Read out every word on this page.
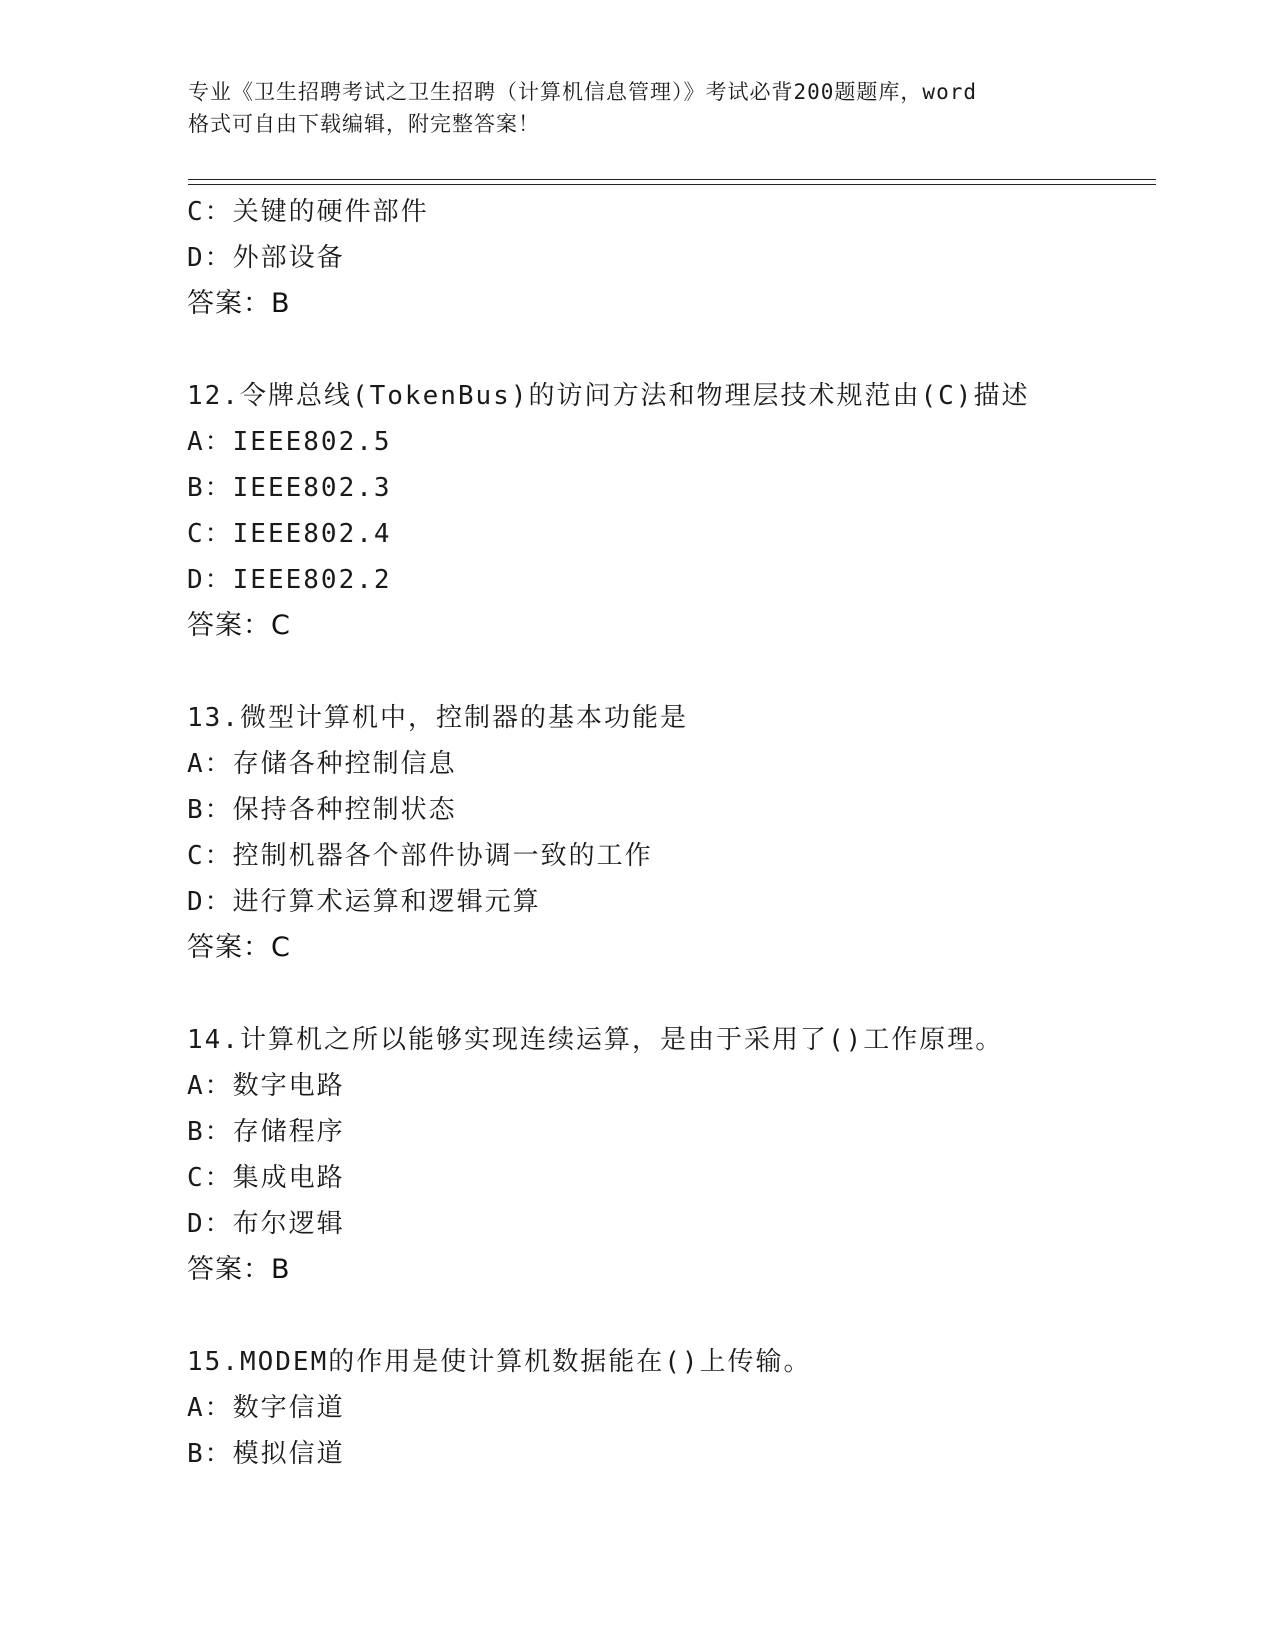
专业《卫生招聘考试之卫生招聘（计算机信息管理）》考试必背200题题库，word
格式可自由下载编辑，附完整答案！
C：关键的硬件部件
D：外部设备
答案：B
12.令牌总线(TokenBus)的访问方法和物理层技术规范由(C)描述
A：IEEE802.5
B：IEEE802.3
C：IEEE802.4
D：IEEE802.2
答案：C
13.微型计算机中，控制器的基本功能是
A：存储各种控制信息
B：保持各种控制状态
C：控制机器各个部件协调一致的工作
D：进行算术运算和逻辑元算
答案：C
14.计算机之所以能够实现连续运算，是由于采用了()工作原理。
A：数字电路
B：存储程序
C：集成电路
D：布尔逻辑
答案：B
15.MODEM的作用是使计算机数据能在()上传输。
A：数字信道
B：模拟信道
